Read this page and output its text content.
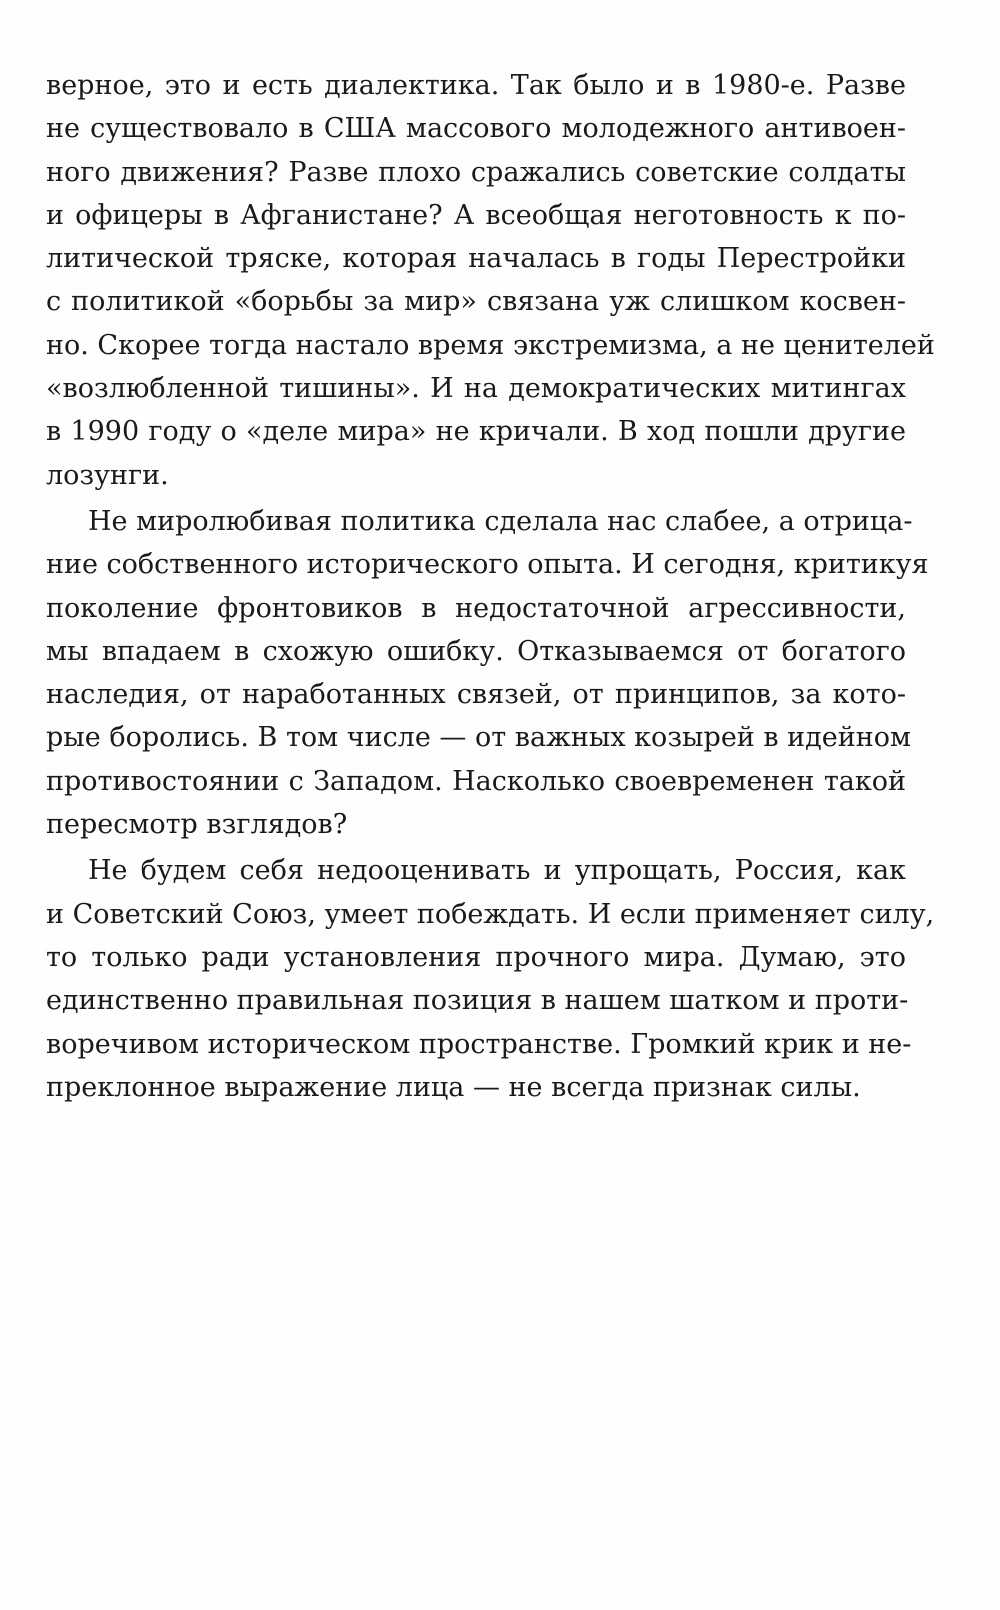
верное, это и есть диалектика. Так было и в 1980-е. Разве
не существовало в США массового молодежного антивоен-
ного движения? Разве плохо сражались советские солдаты
и офицеры в Афганистане? А всеобщая неготовность к по-
литической тряске, которая началась в годы Перестройки
с политикой «борьбы за мир» связана уж слишком косвен-
но. Скорее тогда настало время экстремизма, а не ценителей
«возлюбленной тишины». И на демократических митингах
в 1990 году о «деле мира» не кричали. В ход пошли другие
лозунги.
Не миролюбивая политика сделала нас слабее, а отрица-
ние собственного исторического опыта. И сегодня, критикуя
поколение фронтовиков в недостаточной агрессивности,
мы впадаем в схожую ошибку. Отказываемся от богатого
наследия, от наработанных связей, от принципов, за кото-
рые боролись. В том числе — от важных козырей в идейном
противостоянии с Западом. Насколько своевременен такой
пересмотр взглядов?
Не будем себя недооценивать и упрощать, Россия, как
и Советский Союз, умеет побеждать. И если применяет силу,
то только ради установления прочного мира. Думаю, это
единственно правильная позиция в нашем шатком и проти-
воречивом историческом пространстве. Громкий крик и не-
преклонное выражение лица — не всегда признак силы.
